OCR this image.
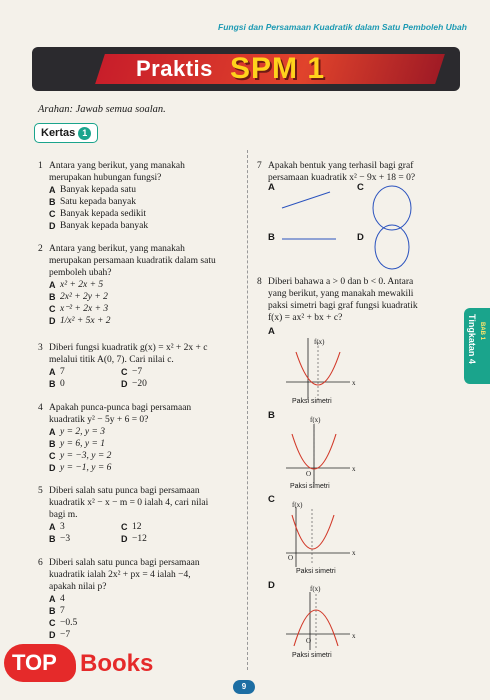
Fungsi dan Persamaan Kuadratik dalam Satu Pemboleh Ubah
Praktis SPM 1
Arahan: Jawab semua soalan.
Kertas 1
1 Antara yang berikut, yang manakah
merupakan hubungan fungsi?
A Banyak kepada satu
B Satu kepada banyak
C Banyak kepada sedikit
D Banyak kepada banyak
2 Antara yang berikut, yang manakah
merupakan persamaan kuadratik dalam satu
pemboleh ubah?
A x² + 2x + 5
B 2x² + 2y + 2
C x⁻² + 2x + 3
D 1/x² + 5x + 2
3 Diberi fungsi kuadratik g(x) = x² + 2x + c
melalui titik A(0, 7). Cari nilai c.
A 7	C −7
B 0	D −20
4 Apakah punca-punca bagi persamaan
kuadratik y² − 5y + 6 = 0?
A y = 2, y = 3
B y = 6, y = 1
C y = −3, y = 2
D y = −1, y = 6
5 Diberi salah satu punca bagi persamaan
kuadratik x² − x − m = 0 ialah 4, cari nilai
bagi m.
A 3	C 12
B −3	D −12
6 Diberi salah satu punca bagi persamaan
kuadratik ialah 2x² + px = 4 ialah −4,
apakah nilai p?
A 4
B 7
C −0.5
D −7
7 Apakah bentuk yang terhasil bagi graf
persamaan kuadratik x² − 9x + 18 = 0?
A	C
B	D
8 Diberi bahawa a > 0 dan b < 0. Antara
yang berikut, yang manakah mewakili
paksi simetri bagi graf fungsi kuadratik
f(x) = ax² + bx + c?
A
f(x)
x
Paksi simetri
B	f(x)
x
O
Paksi simetri
C f(x)
x
O
Paksi simetri
D	f(x)
x
O
Paksi simetri
Tingkatan 4 BAB 1
TOP Books
9
